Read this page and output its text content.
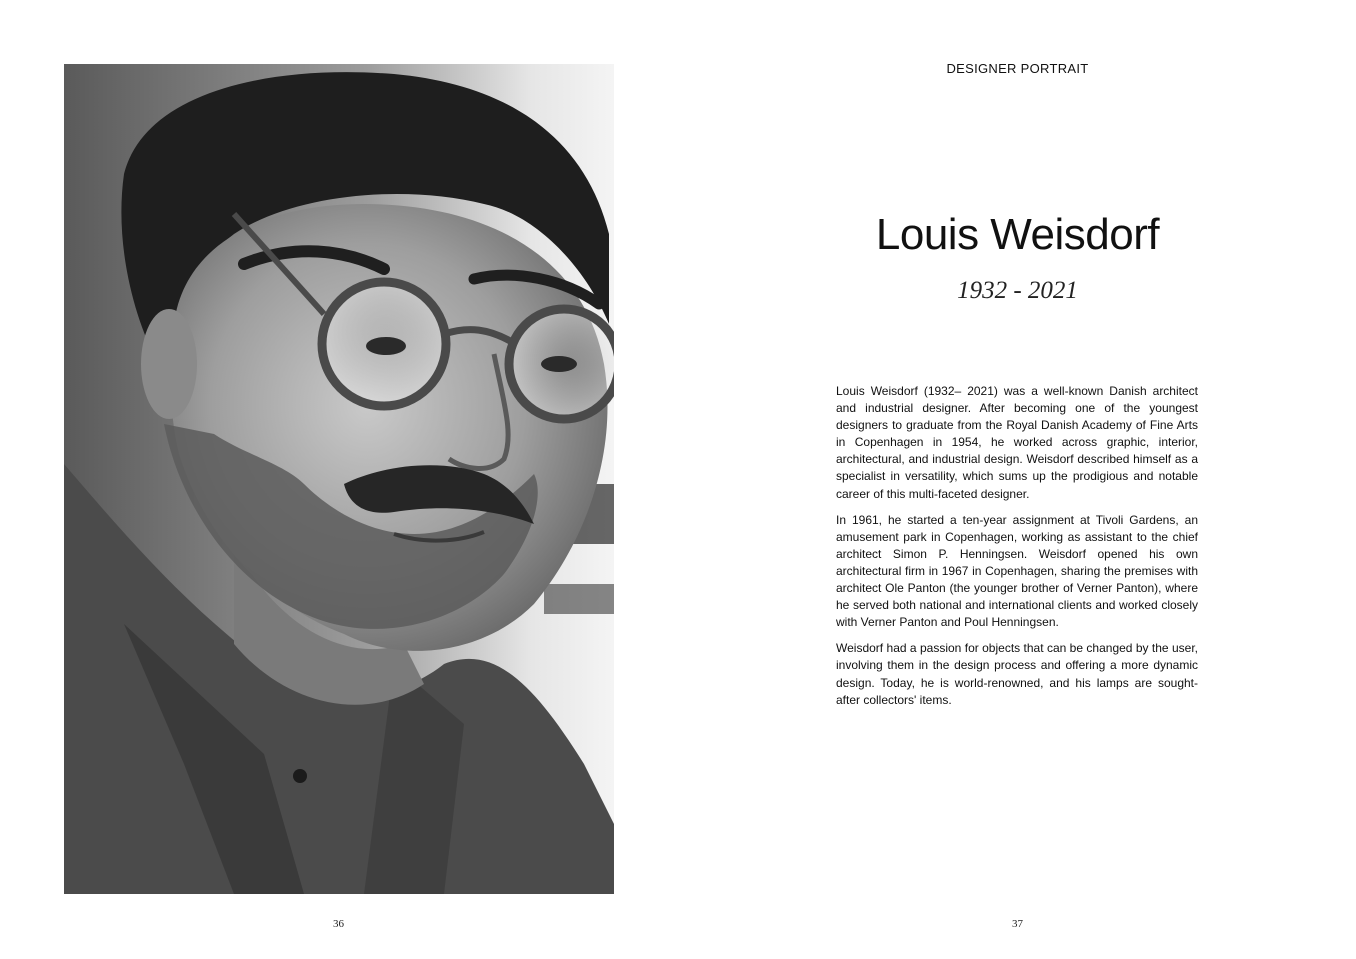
36
DESIGNER PORTRAIT
Louis Weisdorf
1932 - 2021

Louis Weisdorf (1932– 2021) was a well-known Danish architect and industrial designer. After becoming one of the youngest designers to graduate from the Royal Danish Academy of Fine Arts in Copenhagen in 1954, he worked across graphic, interior, architectural, and industrial design. Weisdorf described himself as a specialist in versatility, which sums up the prodigious and notable career of this multi-faceted designer.

In 1961, he started a ten-year assignment at Tivoli Gardens, an amusement park in Copenhagen, working as assistant to the chief architect Simon P. Henningsen. Weisdorf opened his own architectural firm in 1967 in Copenhagen, sharing the premises with architect Ole Panton (the younger brother of Verner Panton), where he served both national and international clients and worked closely with Verner Panton and Poul Henningsen.

Weisdorf had a passion for objects that can be changed by the user, involving them in the design process and offering a more dynamic design. Today, he is world-renowned, and his lamps are sought-after collectors' items.

37
